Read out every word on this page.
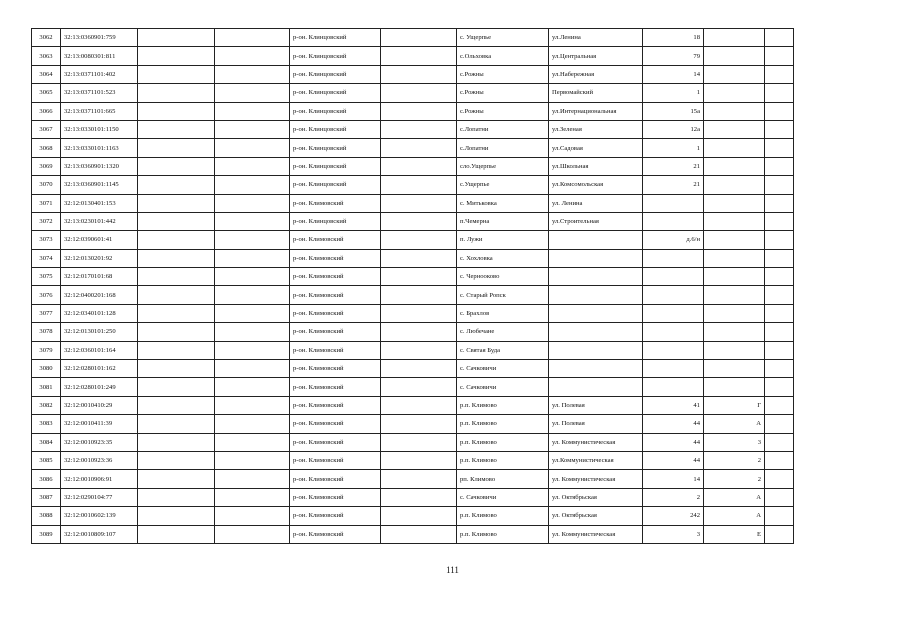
3062	32:13:0360901:759			р-он. Клинцовский		с. Ущерпье	ул.Ленина	18		
3063	32:13:0080301:811			р-он. Клинцовский		с.Ольховка	ул.Центральная	79		
3064	32:13:0371101:402			р-он. Клинцовский		с.Рожны	ул.Набережная	14		
3065	32:13:0371101:523			р-он. Клинцовский		с.Рожны	Первомайский	1		
3066	32:13:0371101:665			р-он. Клинцовский		с.Рожны	ул.Интернациональная	15а		
3067	32:13:0330101:1150			р-он. Клинцовский		с.Лопатни	ул.Зеленая	12а		
3068	32:13:0330101:1163			р-он. Клинцовский		с.Лопатни	ул.Садовая	1		
3069	32:13:0360901:1320			р-он. Клинцовский		сло.Ущерпье	ул.Школьная	21		
3070	32:13:0360901:1145			р-он. Клинцовский		с.Ущерпье	ул.Комсомольская	21		
3071	32:12:0130401:153			р-он. Климовский		с. Митьковка	ул. Ленина			
3072	32:13:0230101:442			р-он. Клинцовский		п.Чемерна	ул.Строительная			
3073	32:12:0390601:41			р-он. Климовский		п. Лужи		д.6/н		
3074	32:12:0130201:92			р-он. Климовский		с. Хохловка				
3075	32:12:0170101:68			р-он. Климовский		с. Чернооково				
3076	32:12:0400201:168			р-он. Климовский		с. Старый Ропск				
3077	32:12:0340101:128			р-он. Климовский		с. Брахлов				
3078	32:12:0130101:250			р-он. Климовский		с. Любечане				
3079	32:12:0360101:164			р-он. Климовский		с. Святая Буда				
3080	32:12:0280101:162			р-он. Климовский		с. Сачковичи				
3081	32:12:0280101:249			р-он. Климовский		с. Сачковичи				
3082	32:12:0010410:29			р-он. Климовский		р.п. Климово	ул. Полевая	41	Г	
3083	32:12:0010411:39			р-он. Климовский		р.п. Климово	ул. Полевая	44	А	
3084	32:12:0010923:35			р-он. Климовский		р.п. Климово	ул. Коммунистическая	44	3	
3085	32:12:0010923:36			р-он. Климовский		р.п. Климово	ул.Коммунистическая	44	2	
3086	32:12:0010906:91			р-он. Климовский		рп. Климово	ул. Коммунистическая	14	2	
3087	32:12:0290104:77			р-он. Климовский		с. Сачковичи	ул. Октябрьская	2	А	
3088	32:12:0010602:139			р-он. Климовский		р.п. Климово	ул. Октябрьская	242	А	
3089	32:12:0010809:107			р-он. Климовский		р.п. Климово	ул. Коммунистическая	3	Е	
111
